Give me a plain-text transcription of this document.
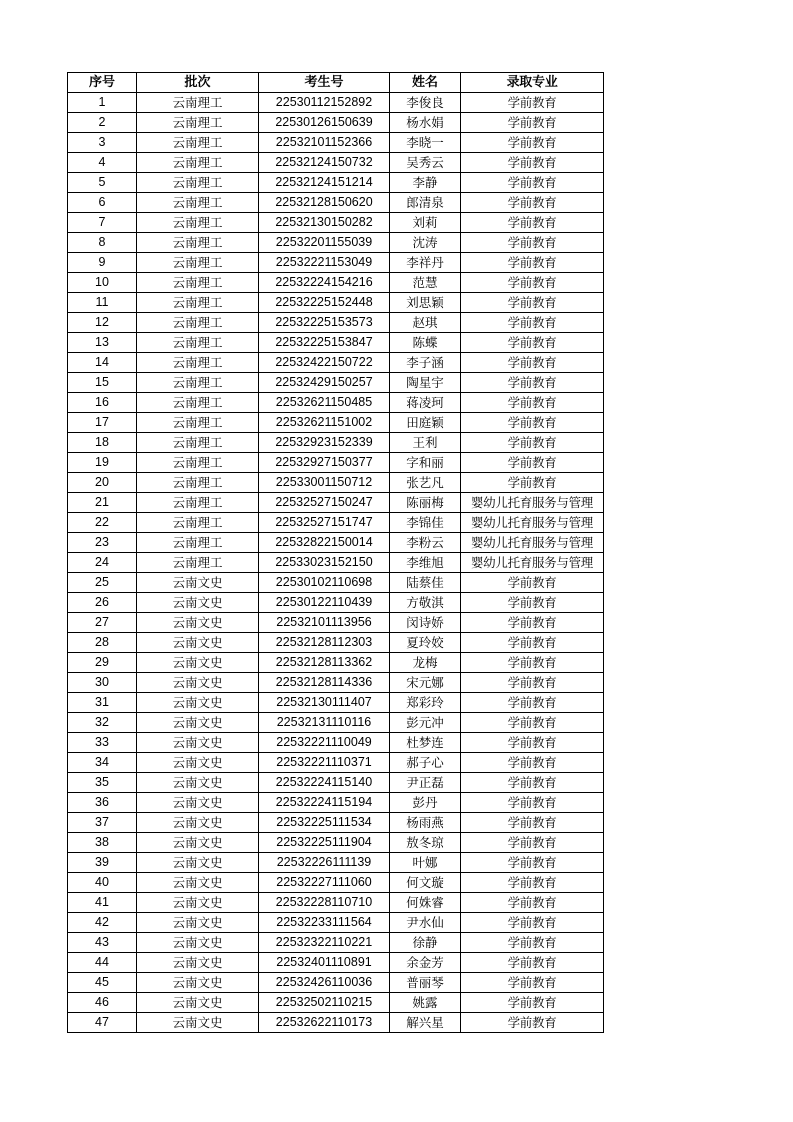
序号	批次	考生号	姓名	录取专业
1	云南理工	22530112152892	李俊良	学前教育
2	云南理工	22530126150639	杨水娟	学前教育
3	云南理工	22532101152366	李晓一	学前教育
4	云南理工	22532124150732	吴秀云	学前教育
5	云南理工	22532124151214	李静	学前教育
6	云南理工	22532128150620	郎清泉	学前教育
7	云南理工	22532130150282	刘莉	学前教育
8	云南理工	22532201155039	沈涛	学前教育
9	云南理工	22532221153049	李祥丹	学前教育
10	云南理工	22532224154216	范慧	学前教育
11	云南理工	22532225152448	刘思颖	学前教育
12	云南理工	22532225153573	赵琪	学前教育
13	云南理工	22532225153847	陈蝶	学前教育
14	云南理工	22532422150722	李子涵	学前教育
15	云南理工	22532429150257	陶星宇	学前教育
16	云南理工	22532621150485	蒋凌珂	学前教育
17	云南理工	22532621151002	田庭颖	学前教育
18	云南理工	22532923152339	王利	学前教育
19	云南理工	22532927150377	字和丽	学前教育
20	云南理工	22533001150712	张艺凡	学前教育
21	云南理工	22532527150247	陈丽梅	婴幼儿托育服务与管理
22	云南理工	22532527151747	李锦佳	婴幼儿托育服务与管理
23	云南理工	22532822150014	李粉云	婴幼儿托育服务与管理
24	云南理工	22533023152150	李维旭	婴幼儿托育服务与管理
25	云南文史	22530102110698	陆蔡佳	学前教育
26	云南文史	22530122110439	方敬淇	学前教育
27	云南文史	22532101113956	闵诗娇	学前教育
28	云南文史	22532128112303	夏玲姣	学前教育
29	云南文史	22532128113362	龙梅	学前教育
30	云南文史	22532128114336	宋元娜	学前教育
31	云南文史	22532130111407	郑彩玲	学前教育
32	云南文史	22532131110116	彭元冲	学前教育
33	云南文史	22532221110049	杜梦连	学前教育
34	云南文史	22532221110371	郝子心	学前教育
35	云南文史	22532224115140	尹正磊	学前教育
36	云南文史	22532224115194	彭丹	学前教育
37	云南文史	22532225111534	杨雨燕	学前教育
38	云南文史	22532225111904	敖冬琼	学前教育
39	云南文史	22532226111139	叶娜	学前教育
40	云南文史	22532227111060	何文璇	学前教育
41	云南文史	22532228110710	何姝睿	学前教育
42	云南文史	22532233111564	尹水仙	学前教育
43	云南文史	22532322110221	徐静	学前教育
44	云南文史	22532401110891	余金芳	学前教育
45	云南文史	22532426110036	普丽琴	学前教育
46	云南文史	22532502110215	姚露	学前教育
47	云南文史	22532622110173	解兴星	学前教育
